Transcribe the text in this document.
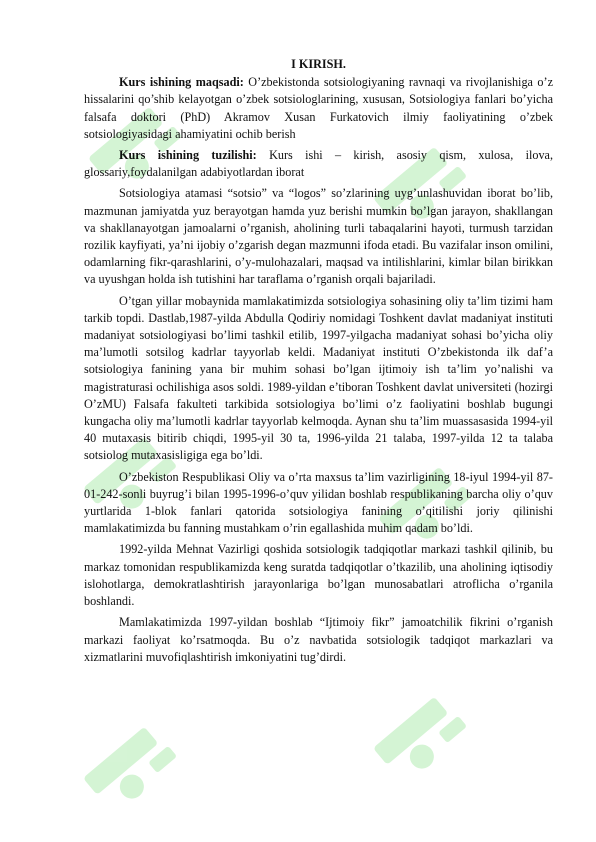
I KIRISH.

Kurs ishining maqsadi: O’zbekistonda sotsiologiyaning ravnaqi va rivojlanishiga o’z hissalarini qo’shib kelayotgan o’zbek sotsiologlarining, xususan, Sotsiologiya fanlari bo’yicha falsafa doktori (PhD) Akramov Xusan Furkatovich ilmiy faoliyatining o’zbek sotsiologiyasidagi ahamiyatini ochib berish

Kurs ishining tuzilishi: Kurs ishi – kirish, asosiy qism, xulosa, ilova, glossariy,foydalanilgan adabiyotlardan iborat

Sotsiologiya atamasi “sotsio” va “logos” so’zlarining uyg’unlashuvidan iborat bo’lib, mazmunan jamiyatda yuz berayotgan hamda yuz berishi mumkin bo’lgan jarayon, shakllangan va shakllanayotgan jamoalarni o’rganish, aholining turli tabaqalarini hayoti, turmush tarzidan rozilik kayfiyati, ya’ni ijobiy o’zgarish degan mazmunni ifoda etadi. Bu vazifalar inson omilini, odamlarning fikr-qarashlarini, o’y-mulohazalari, maqsad va intilishlarini, kimlar bilan birikkan va uyushgan holda ish tutishini har taraflama o’rganish orqali bajariladi.

O’tgan yillar mobaynida mamlakatimizda sotsiologiya sohasining oliy ta’lim tizimi ham tarkib topdi. Dastlab,1987-yilda Abdulla Qodiriy nomidagi Toshkent davlat madaniyat instituti madaniyat sotsiologiyasi bo’limi tashkil etilib, 1997-yilgacha madaniyat sohasi bo’yicha oliy ma’lumotli sotsilog kadrlar tayyorlab keldi. Madaniyat instituti O’zbekistonda ilk daf’a sotsiologiya fanining yana bir muhim sohasi bo’lgan ijtimoiy ish ta’lim yo’nalishi va magistraturasi ochilishiga asos soldi. 1989-yildan e’tiboran Toshkent davlat universiteti (hozirgi O’zMU) Falsafa fakulteti tarkibida sotsiologiya bo’limi o’z faoliyatini boshlab bugungi kungacha oliy ma’lumotli kadrlar tayyorlab kelmoqda. Aynan shu ta’lim muassasasida 1994-yil 40 mutaxasis bitirib chiqdi, 1995-yil 30 ta, 1996-yilda 21 talaba, 1997-yilda 12 ta talaba sotsiolog mutaxasisligiga ega bo’ldi.

O’zbekiston Respublikasi Oliy va o’rta maxsus ta’lim vazirligining 18-iyul 1994-yil 87-01-242-sonli buyrug’i bilan 1995-1996-o’quv yilidan boshlab respublikaning barcha oliy o’quv yurtlarida 1-blok fanlari qatorida sotsiologiya fanining o’qitilishi joriy qilinishi mamlakatimizda bu fanning mustahkam o’rin egallashida muhim qadam bo’ldi.

1992-yilda Mehnat Vazirligi qoshida sotsiologik tadqiqotlar markazi tashkil qilinib, bu markaz tomonidan respublikamizda keng suratda tadqiqotlar o’tkazilib, una aholining iqtisodiy islohotlarga, demokratlashtirish jarayonlariga bo’lgan munosabatlari atroflicha o’rganila boshlandi.

Mamlakatimizda 1997-yildan boshlab “Ijtimoiy fikr” jamoatchilik fikrini o’rganish markazi faoliyat ko’rsatmoqda. Bu o’z navbatida sotsiologik tadqiqot markazlari va xizmatlarini muvofiqlashtirish imkoniyatini tug’dirdi.
